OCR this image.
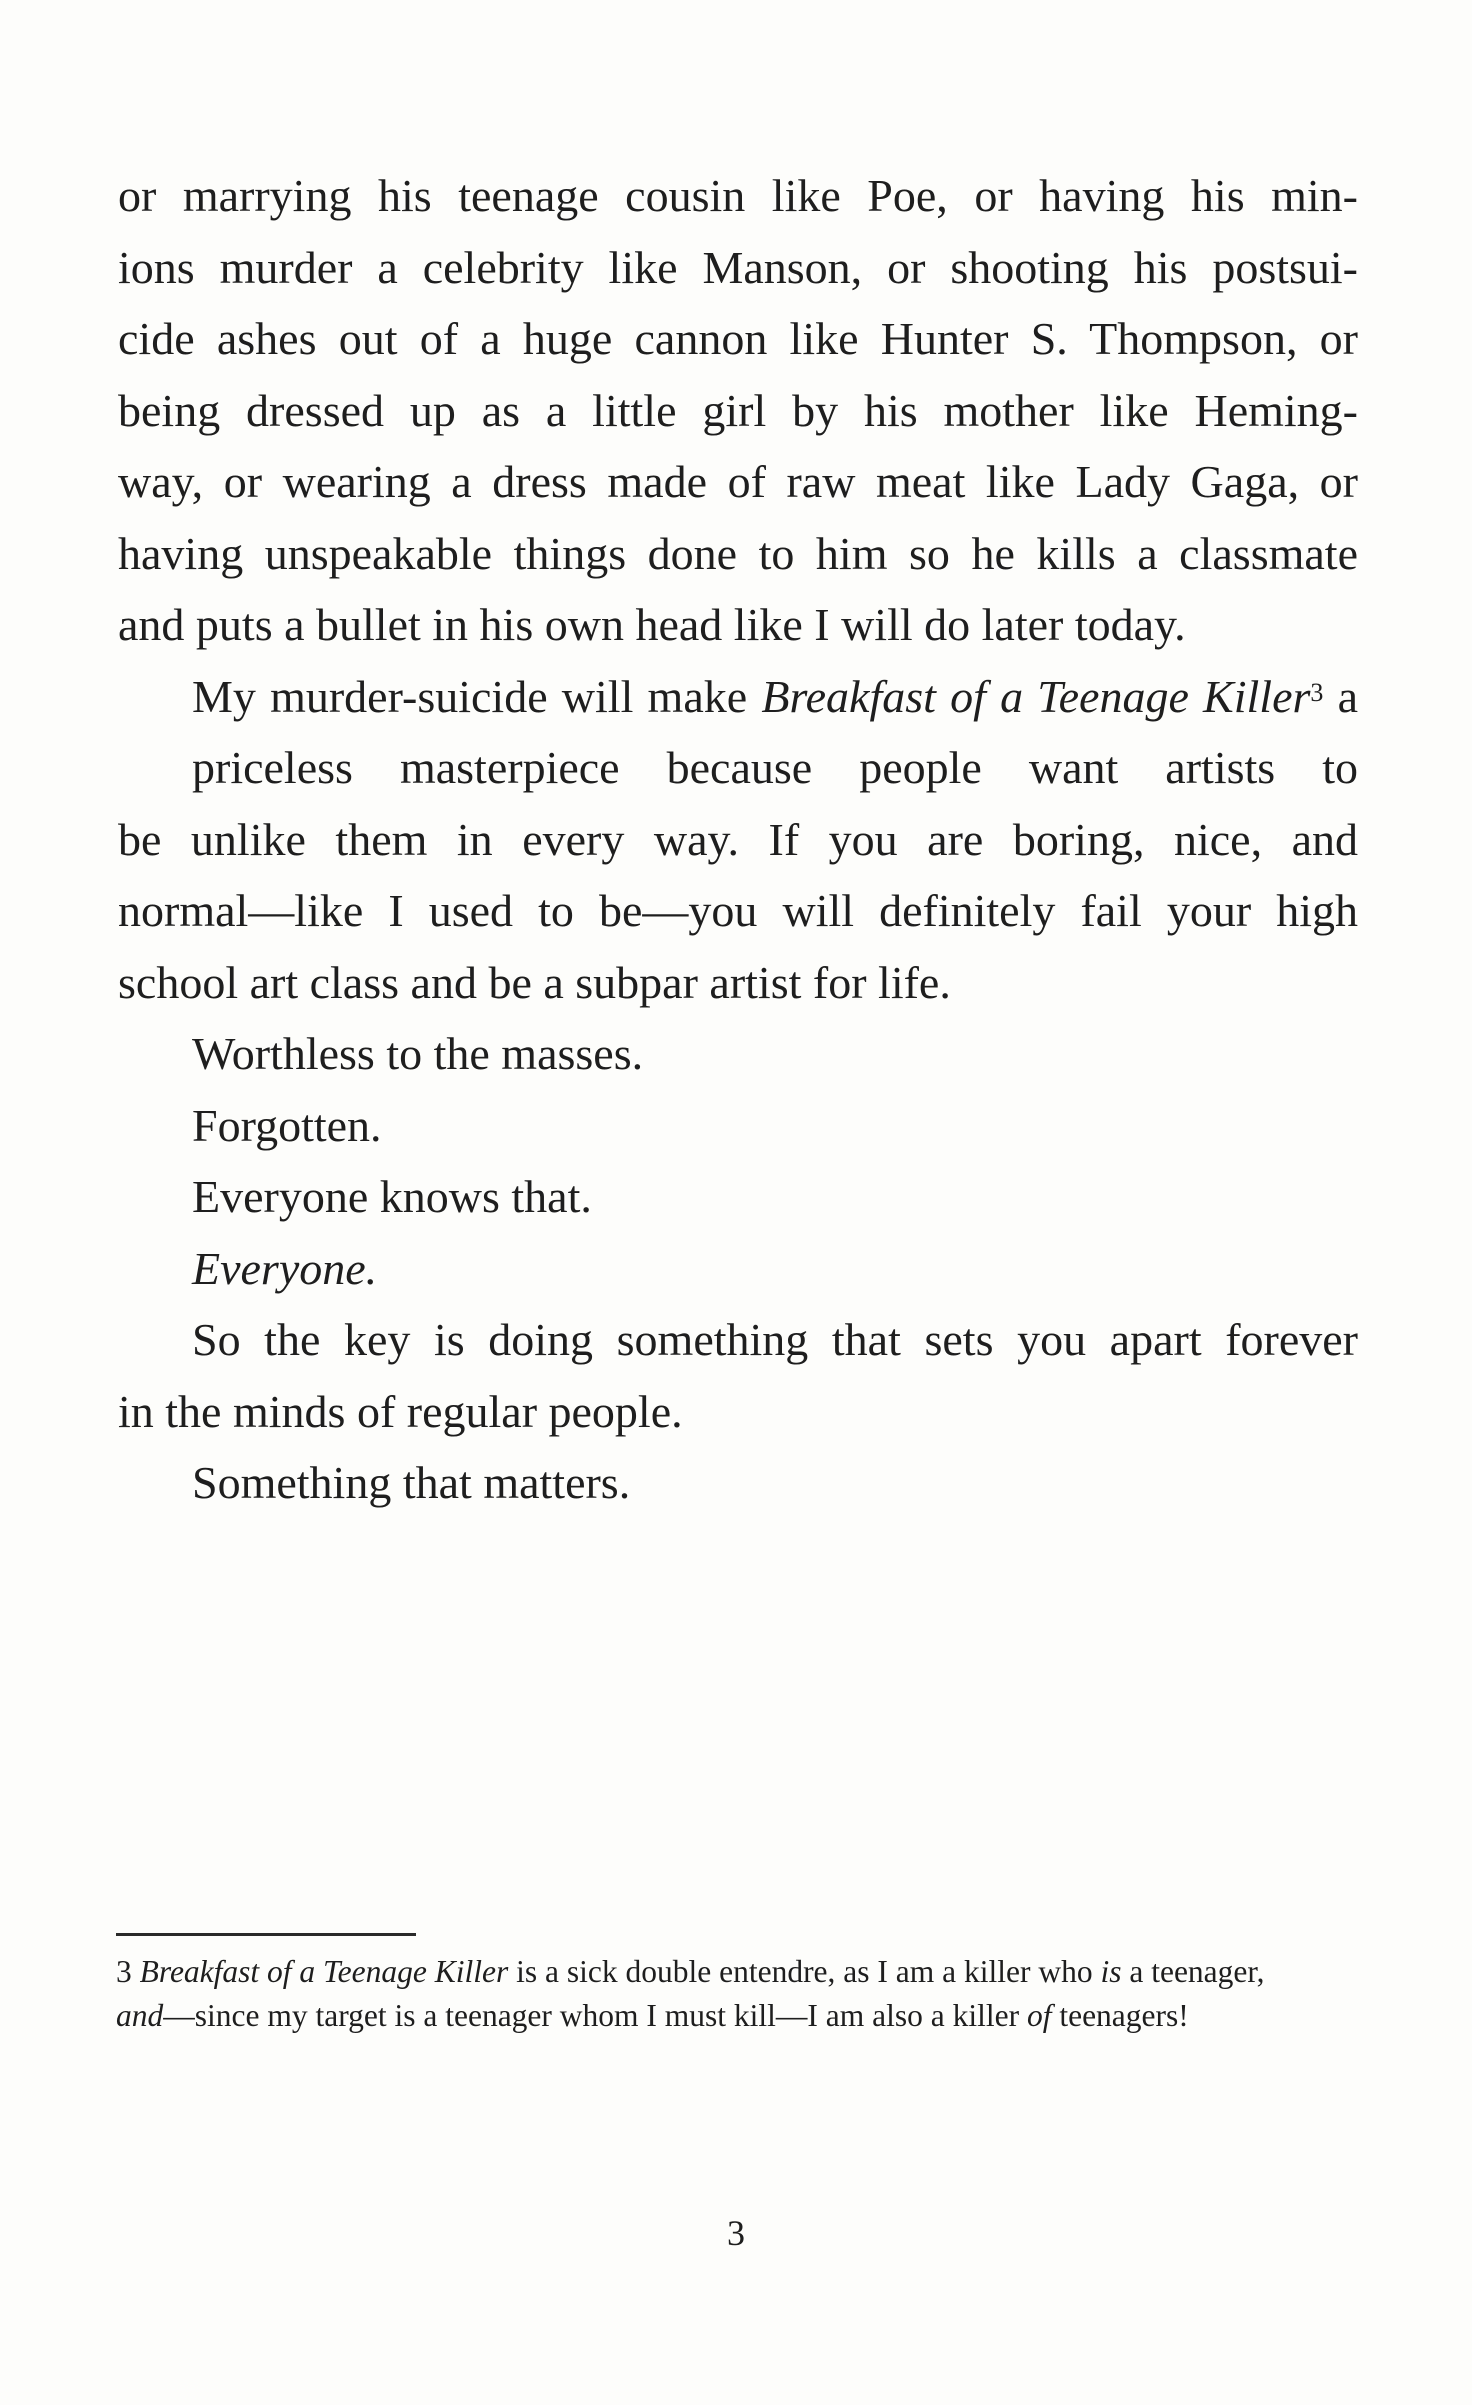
or marrying his teenage cousin like Poe, or having his min-
ions murder a celebrity like Manson, or shooting his postsui-
cide ashes out of a huge cannon like Hunter S. Thompson, or
being dressed up as a little girl by his mother like Heming-
way, or wearing a dress made of raw meat like Lady Gaga, or
having unspeakable things done to him so he kills a classmate
and puts a bullet in his own head like I will do later today.
My murder-suicide will make Breakfast of a Teenage Killer$^3$ a priceless masterpiece because people want artists to
be unlike them in every way. If you are boring, nice, and
normal—like I used to be—you will definitely fail your high
school art class and be a subpar artist for life.
Worthless to the masses.
Forgotten.
Everyone knows that.
Everyone.
So the key is doing something that sets you apart forever
in the minds of regular people.
Something that matters.
3 Breakfast of a Teenage Killer is a sick double entendre, as I am a killer who is a teenager, and—since my target is a teenager whom I must kill—I am also a killer of teenagers!
3
